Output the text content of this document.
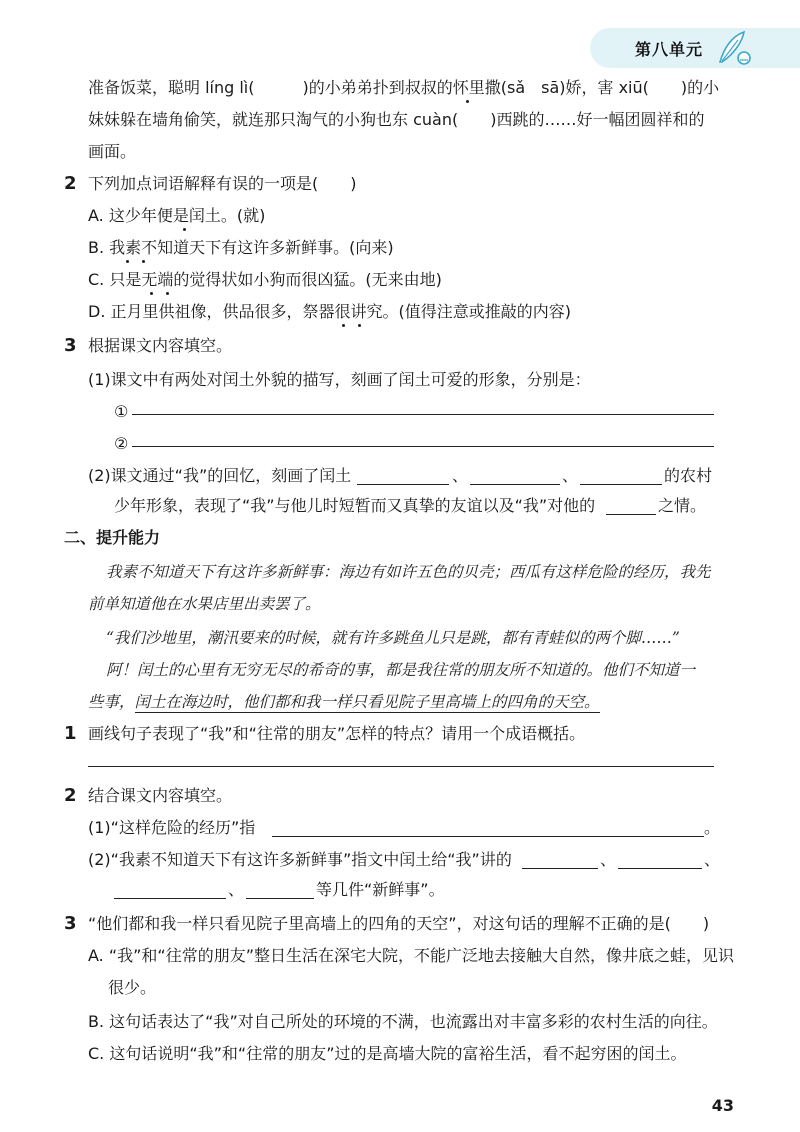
第八单元
准备饭菜，聪明 líng lì(　　　)的小弟弟扑到叔叔的怀里撒(sǎ　sā)娇，害 xiū(　　)的小
妹妹躲在墙角偷笑，就连那只淘气的小狗也东 cuàn(　　)西跳的……好一幅团圆祥和的
画面。
2 下列加点词语解释有误的一项是(　　)
A. 这少年便是闰土。(就)
B. 我素不知道天下有这许多新鲜事。(向来)
C. 只是无端的觉得状如小狗而很凶猛。(无来由地)
D. 正月里供祖像，供品很多，祭器很讲究。(值得注意或推敲的内容)
3 根据课文内容填空。
(1)课文中有两处对闰土外貌的描写，刻画了闰土可爱的形象，分别是：
①
②
(2)课文通过“我”的回忆，刻画了闰土	、	、	的农村
少年形象，表现了“我”与他儿时短暂而又真挚的友谊以及“我”对他的	之情。
二、提升能力
我素不知道天下有这许多新鲜事：海边有如许五色的贝壳；西瓜有这样危险的经历，我先
前单知道他在水果店里出卖罢了。
“我们沙地里，潮汛要来的时候，就有许多跳鱼儿只是跳，都有青蛙似的两个脚……”
阿！闰土的心里有无穷无尽的希奇的事，都是我往常的朋友所不知道的。他们不知道一
些事，闰土在海边时，他们都和我一样只看见院子里高墙上的四角的天空。
1 画线句子表现了“我”和“往常的朋友”怎样的特点？请用一个成语概括。
2 结合课文内容填空。
(1)“这样危险的经历”指	。
(2)“我素不知道天下有这许多新鲜事”指文中闰土给“我”讲的	、	、
、	等几件“新鲜事”。
3 “他们都和我一样只看见院子里高墙上的四角的天空”，对这句话的理解不正确的是(　　)
A. “我”和“往常的朋友”整日生活在深宅大院，不能广泛地去接触大自然，像井底之蛙，见识
很少。
B. 这句话表达了“我”对自己所处的环境的不满，也流露出对丰富多彩的农村生活的向往。
C. 这句话说明“我”和“往常的朋友”过的是高墙大院的富裕生活，看不起穷困的闰土。
43
